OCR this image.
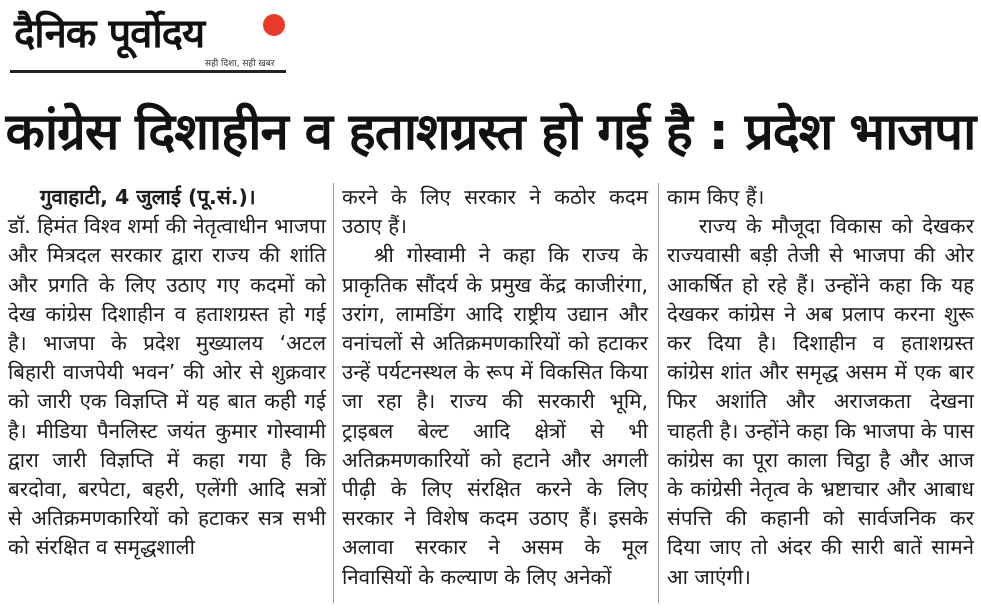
दैनिक पूर्वोदय
सही दिशा, सही खबर
कांग्रेस दिशाहीन व हताशग्रस्त हो गई है : प्रदेश भाजपा

गुवाहाटी, 4 जुलाई (पू.सं.)।

डॉ. हिमंत विश्व शर्मा की नेतृत्वाधीन भाजपा और मित्रदल सरकार द्वारा राज्य की शांति और प्रगति के लिए उठाए गए कदमों को देख कांग्रेस दिशाहीन व हताशग्रस्त हो गई है। भाजपा के प्रदेश मुख्यालय ‘अटल बिहारी वाजपेयी भवन’ की ओर से शुक्रवार को जारी एक विज्ञप्ति में यह बात कही गई है। मीडिया पैनलिस्ट जयंत कुमार गोस्वामी द्वारा जारी विज्ञप्ति में कहा गया है कि बरदोवा, बरपेटा, बहरी, एलेंगी आदि सत्रों से अतिक्रमणकारियों को हटाकर सत्र सभी को संरक्षित व समृद्धशाली

करने के लिए सरकार ने कठोर कदम उठाए हैं।

श्री गोस्वामी ने कहा कि राज्य के प्राकृतिक सौंदर्य के प्रमुख केंद्र काजीरंगा, उरांग, लामडिंग आदि राष्ट्रीय उद्यान और वनांचलों से अतिक्रमणकारियों को हटाकर उन्हें पर्यटनस्थल के रूप में विकसित किया जा रहा है। राज्य की सरकारी भूमि, ट्राइबल बेल्ट आदि क्षेत्रों से भी अतिक्रमणकारियों को हटाने और अगली पीढ़ी के लिए संरक्षित करने के लिए सरकार ने विशेष कदम उठाए हैं। इसके अलावा सरकार ने असम के मूल निवासियों के कल्याण के लिए अनेकों

काम किए हैं।

राज्य के मौजूदा विकास को देखकर राज्यवासी बड़ी तेजी से भाजपा की ओर आकर्षित हो रहे हैं। उन्होंने कहा कि यह देखकर कांग्रेस ने अब प्रलाप करना शुरू कर दिया है। दिशाहीन व हताशग्रस्त कांग्रेस शांत और समृद्ध असम में एक बार फिर अशांति और अराजकता देखना चाहती है। उन्होंने कहा कि भाजपा के पास कांग्रेस का पूरा काला चिट्ठा है और आज के कांग्रेसी नेतृत्व के भ्रष्टाचार और आबाध संपत्ति की कहानी को सार्वजनिक कर दिया जाए तो अंदर की सारी बातें सामने आ जाएंगी।
